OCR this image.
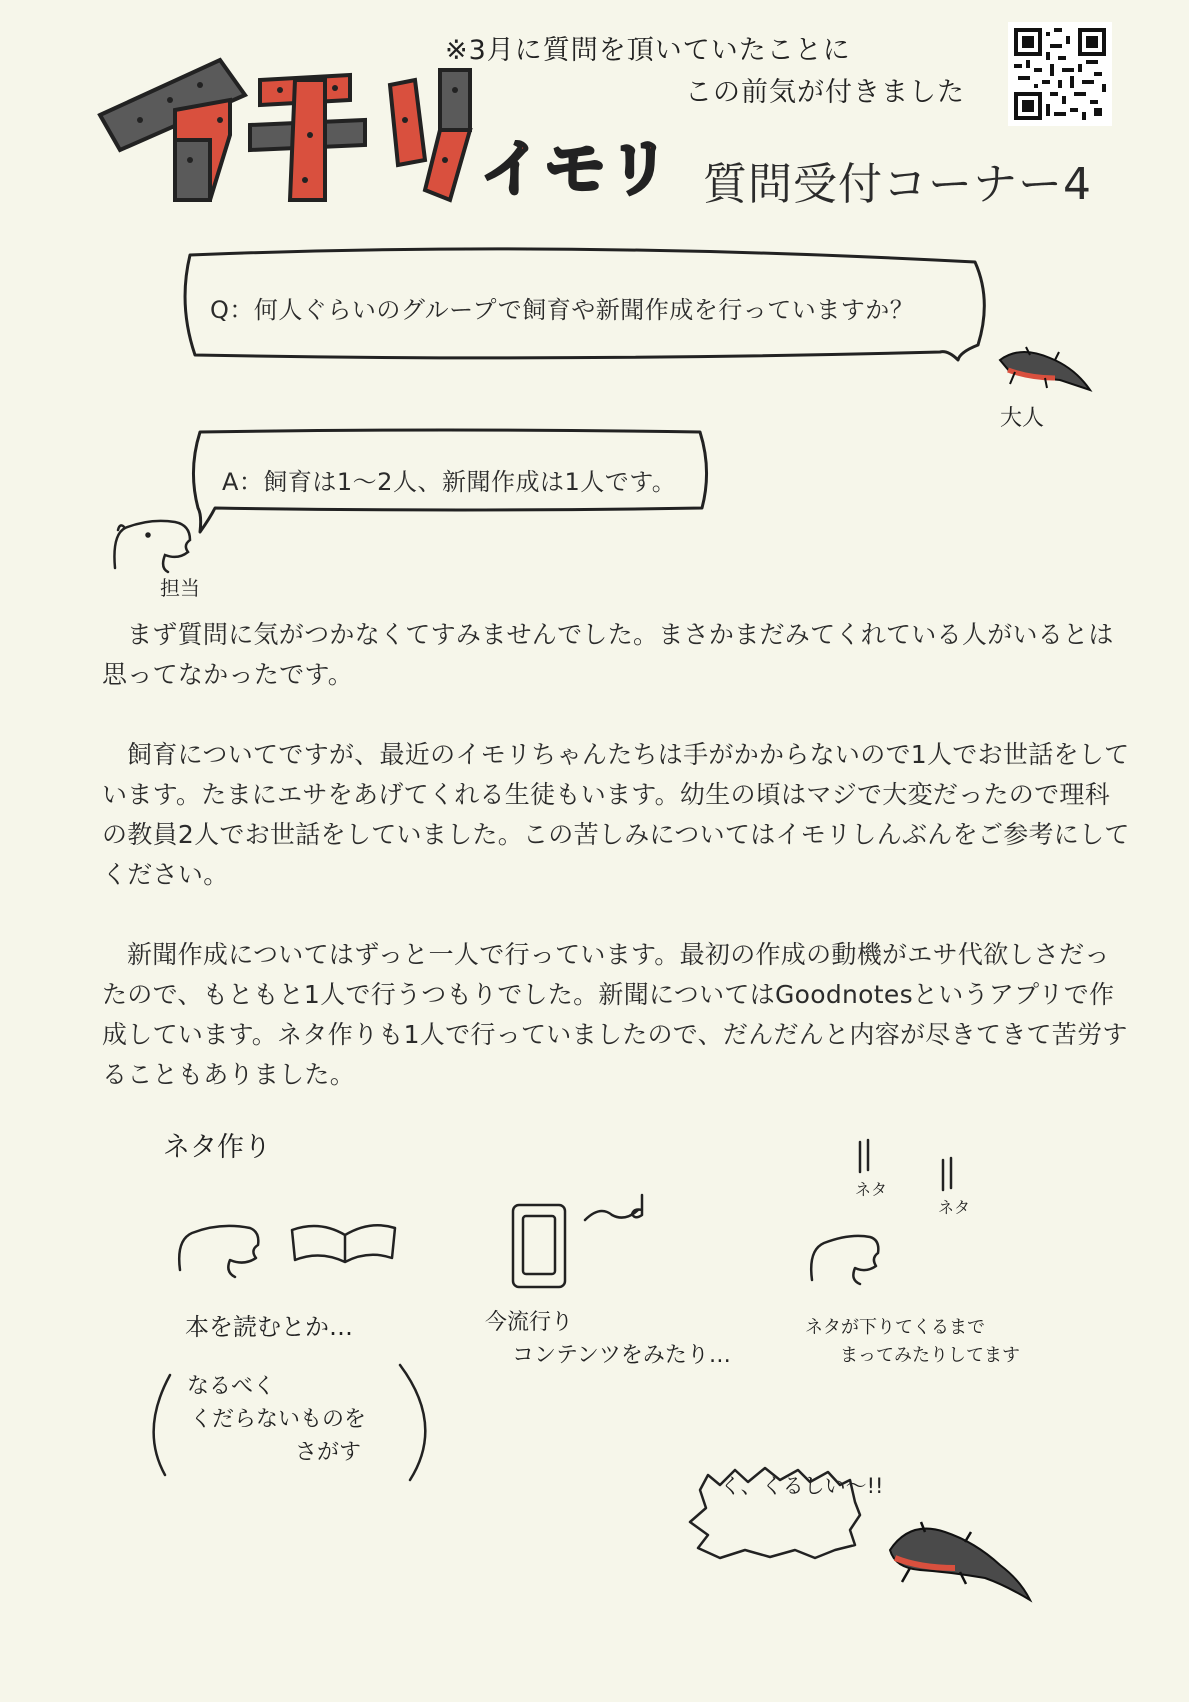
イモリ
※3月に質問を頂いていたことに
この前気が付きました
質問受付コーナー4
大人
担当
Q：何人ぐらいのグループで飼育や新聞作成を行っていますか？
A：飼育は1〜2人、新聞作成は1人です。

まず質問に気がつかなくてすみませんでした。まさかまだみてくれている人がいるとは思ってなかったです。

飼育についてですが、最近のイモリちゃんたちは手がかからないので1人でお世話をしています。たまにエサをあげてくれる生徒もいます。幼生の頃はマジで大変だったので理科の教員2人でお世話をしていました。この苦しみについてはイモリしんぶんをご参考にしてください。

新聞作成についてはずっと一人で行っています。最初の作成の動機がエサ代欲しさだったので、もともと1人で行うつもりでした。新聞についてはGoodnotesというアプリで作成しています。ネタ作りも1人で行っていましたので、だんだんと内容が尽きてきて苦労することもありました。

ネタ作り
本を読むとか…
なるべく
くだらないものを
さがす
今流行り
コンテンツをみたり…
ネタ
ネタ
ネタが下りてくるまで
まってみたりしてます
く、くるしい〜!!
